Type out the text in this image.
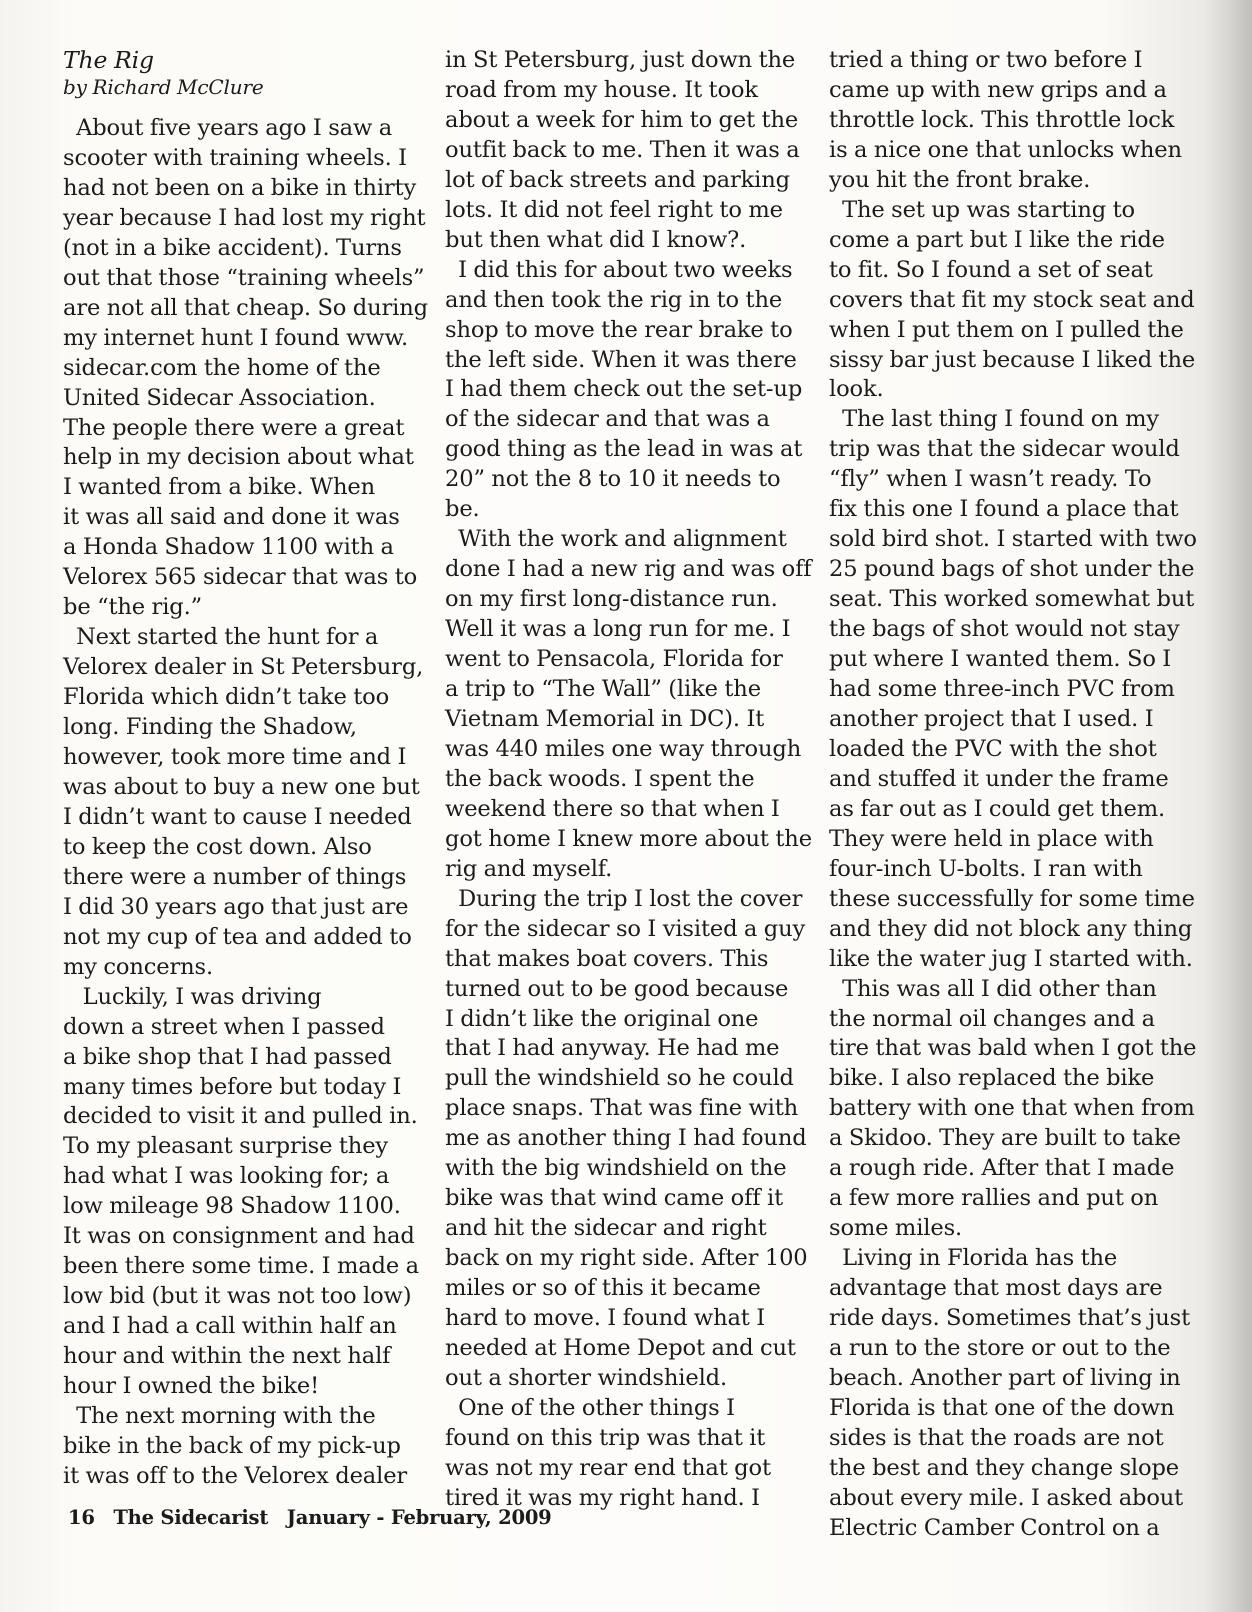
The Rig
by Richard McClure
About five years ago I saw a
scooter with training wheels. I
had not been on a bike in thirty
year because I had lost my right
(not in a bike accident). Turns
out that those “training wheels”
are not all that cheap. So during
my internet hunt I found www.
sidecar.com the home of the
United Sidecar Association.
The people there were a great
help in my decision about what
I wanted from a bike. When
it was all said and done it was
a Honda Shadow 1100 with a
Velorex 565 sidecar that was to
be “the rig.”
Next started the hunt for a
Velorex dealer in St Petersburg,
Florida which didn’t take too
long. Finding the Shadow,
however, took more time and I
was about to buy a new one but
I didn’t want to cause I needed
to keep the cost down. Also
there were a number of things
I did 30 years ago that just are
not my cup of tea and added to
my concerns.
Luckily, I was driving
down a street when I passed
a bike shop that I had passed
many times before but today I
decided to visit it and pulled in.
To my pleasant surprise they
had what I was looking for; a
low mileage 98 Shadow 1100.
It was on consignment and had
been there some time. I made a
low bid (but it was not too low)
and I had a call within half an
hour and within the next half
hour I owned the bike!
The next morning with the
bike in the back of my pick-up
it was off to the Velorex dealer
in St Petersburg, just down the
road from my house. It took
about a week for him to get the
outfit back to me. Then it was a
lot of back streets and parking
lots. It did not feel right to me
but then what did I know?.
I did this for about two weeks
and then took the rig in to the
shop to move the rear brake to
the left side. When it was there
I had them check out the set-up
of the sidecar and that was a
good thing as the lead in was at
20” not the 8 to 10 it needs to
be.
With the work and alignment
done I had a new rig and was off
on my first long-distance run.
Well it was a long run for me. I
went to Pensacola, Florida for
a trip to “The Wall” (like the
Vietnam Memorial in DC). It
was 440 miles one way through
the back woods. I spent the
weekend there so that when I
got home I knew more about the
rig and myself.
During the trip I lost the cover
for the sidecar so I visited a guy
that makes boat covers. This
turned out to be good because
I didn’t like the original one
that I had anyway. He had me
pull the windshield so he could
place snaps. That was fine with
me as another thing I had found
with the big windshield on the
bike was that wind came off it
and hit the sidecar and right
back on my right side. After 100
miles or so of this it became
hard to move. I found what I
needed at Home Depot and cut
out a shorter windshield.
One of the other things I
found on this trip was that it
was not my rear end that got
tired it was my right hand. I
tried a thing or two before I
came up with new grips and a
throttle lock. This throttle lock
is a nice one that unlocks when
you hit the front brake.
The set up was starting to
come a part but I like the ride
to fit. So I found a set of seat
covers that fit my stock seat and
when I put them on I pulled the
sissy bar just because I liked the
look.
The last thing I found on my
trip was that the sidecar would
“fly” when I wasn’t ready. To
fix this one I found a place that
sold bird shot. I started with two
25 pound bags of shot under the
seat. This worked somewhat but
the bags of shot would not stay
put where I wanted them. So I
had some three-inch PVC from
another project that I used. I
loaded the PVC with the shot
and stuffed it under the frame
as far out as I could get them.
They were held in place with
four-inch U-bolts. I ran with
these successfully for some time
and they did not block any thing
like the water jug I started with.
This was all I did other than
the normal oil changes and a
tire that was bald when I got the
bike. I also replaced the bike
battery with one that when from
a Skidoo. They are built to take
a rough ride. After that I made
a few more rallies and put on
some miles.
Living in Florida has the
advantage that most days are
ride days. Sometimes that’s just
a run to the store or out to the
beach. Another part of living in
Florida is that one of the down
sides is that the roads are not
the best and they change slope
about every mile. I asked about
Electric Camber Control on a
16 The Sidecarist January - February, 2009
